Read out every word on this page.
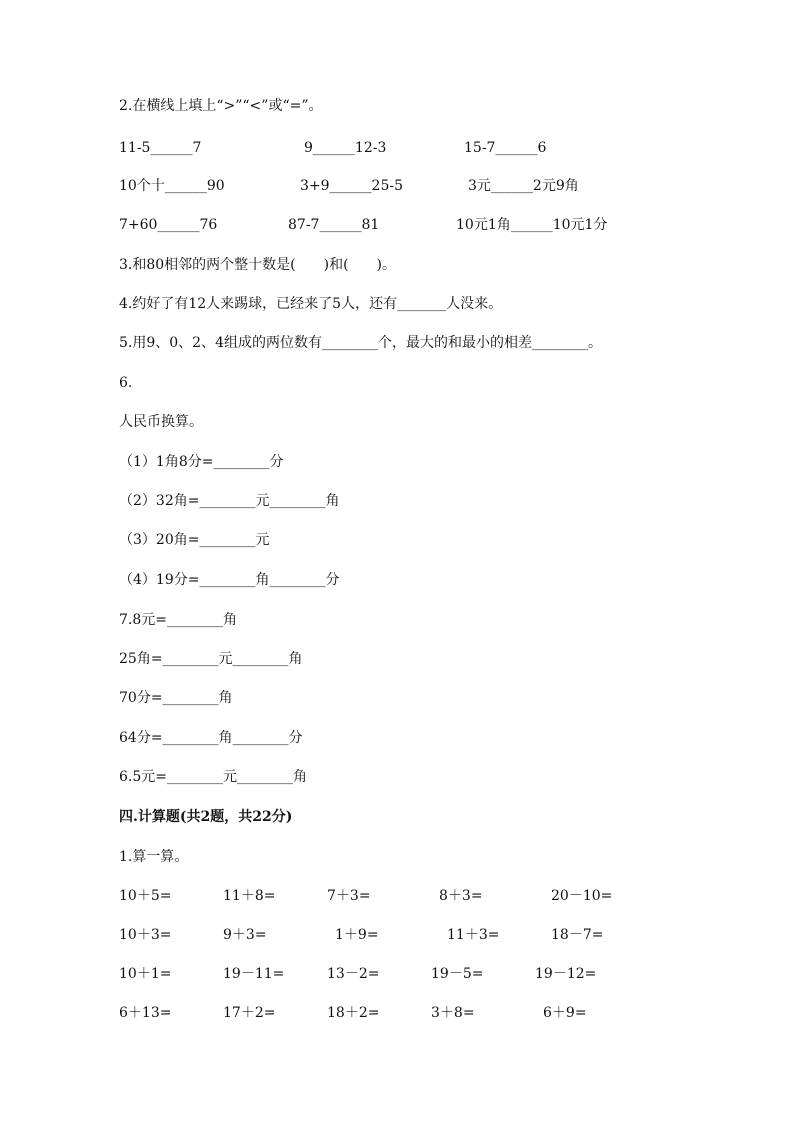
2.在横线上填上“>”“<”或“=”。
11-5______7	9______12-3	15-7______6
10个十______90	3+9______25-5	3元______2元9角
7+60______76	87-7______81	10元1角______10元1分
3.和80相邻的两个整十数是(　　)和(　　)。
4.约好了有12人来踢球，已经来了5人，还有_______人没来。
5.用9、0、2、4组成的两位数有________个，最大的和最小的相差________。
6.
人民币换算。
（1）1角8分=________分
（2）32角=________元________角
（3）20角=________元
（4）19分=________角________分
7.8元=________角
25角=________元________角
70分=________角
64分=________角________分
6.5元=________元________角
四.计算题(共2题，共22分)
1.算一算。
10＋5=	11＋8=	7＋3=	8＋3=	20－10=
10＋3=	9＋3=	1＋9=	11＋3=	18－7=
10＋1=	19－11=	13－2=	19－5=	19－12=
6＋13=	17＋2=	18＋2=	3＋8=	6＋9=
